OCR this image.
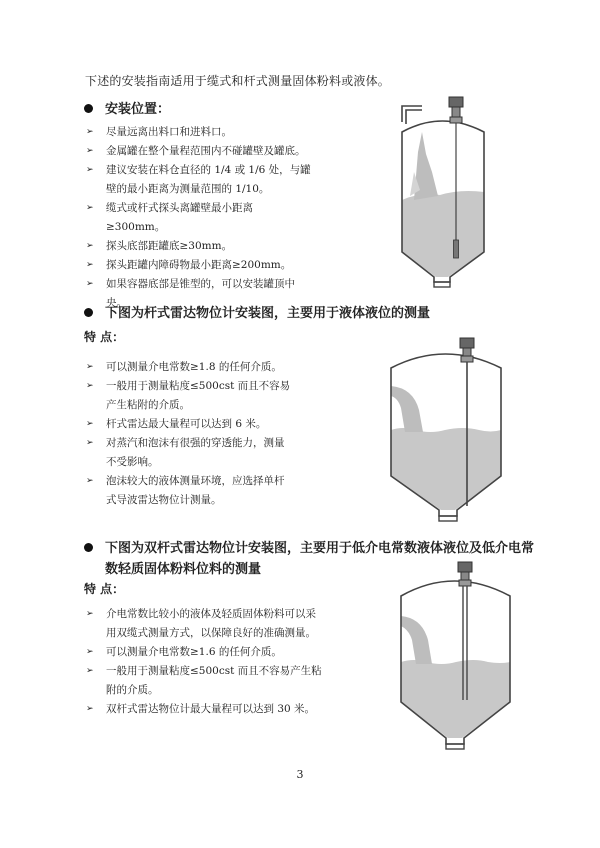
下述的安装指南适用于缆式和杆式测量固体粉料或液体。
安装位置：
➢ 尽量远离出料口和进料口。
➢ 金属罐在整个量程范围内不碰罐壁及罐底。
➢ 建议安装在料仓直径的 1/4 或 1/6 处，与罐
壁的最小距离为测量范围的 1/10。
➢ 缆式或杆式探头离罐壁最小距离≥300mm。
➢ 探头底部距罐底≥30mm。
➢ 探头距罐内障碍物最小距离≥200mm。
➢ 如果容器底部是锥型的，可以安装罐顶中央。
下图为杆式雷达物位计安装图，主要用于液体液位的测量
特 点：
➢ 可以测量介电常数≥1.8 的任何介质。
➢ 一般用于测量粘度≤500cst 而且不容易
产生粘附的介质。
➢ 杆式雷达最大量程可以达到 6 米。
➢ 对蒸汽和泡沫有很强的穿透能力，测量
不受影响。
➢ 泡沫较大的液体测量环境，应选择单杆
式导波雷达物位计测量。
下图为双杆式雷达物位计安装图，主要用于低介电常数液体液位及低介电常
数轻质固体粉料位料的测量
特 点：
➢ 介电常数比较小的液体及轻质固体粉料可以采
用双缆式测量方式，以保障良好的准确测量。
➢ 可以测量介电常数≥1.6 的任何介质。
➢ 一般用于测量粘度≤500cst 而且不容易产生粘
附的介质。
➢ 双杆式雷达物位计最大量程可以达到 30 米。
3
